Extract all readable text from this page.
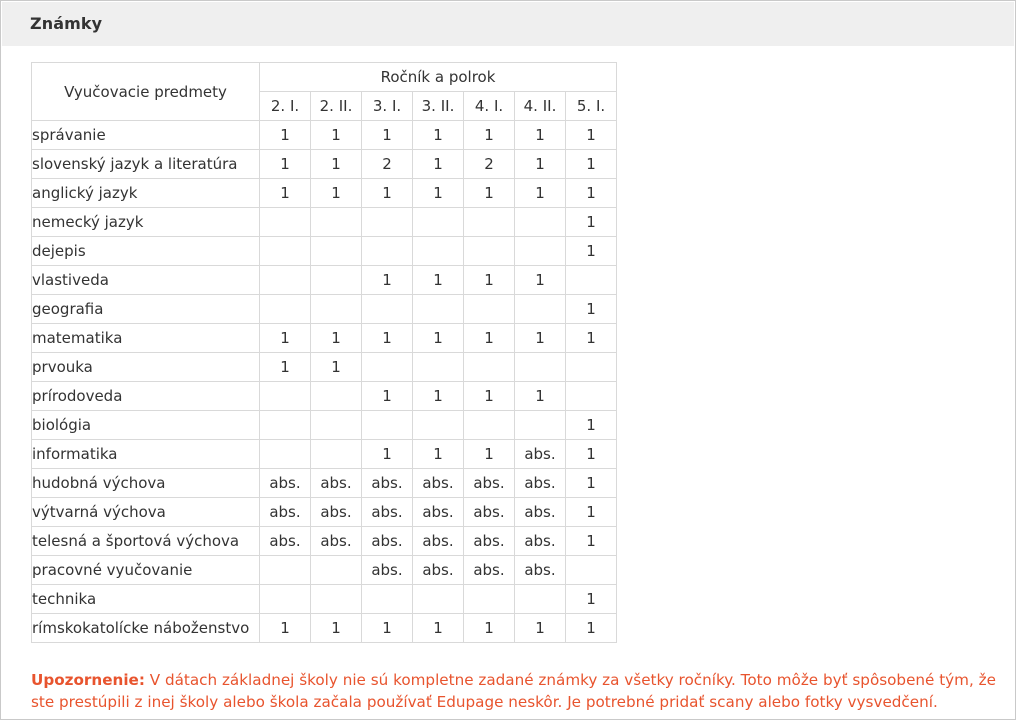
Známky
Vyučovacie predmety	Ročník a polrok						
	2. I.	2. II.	3. I.	3. II.	4. I.	4. II.	5. I.
správanie	1	1	1	1	1	1	1
slovenský jazyk a literatúra	1	1	2	1	2	1	1
anglický jazyk	1	1	1	1	1	1	1
nemecký jazyk							1
dejepis							1
vlastiveda			1	1	1	1	
geografia							1
matematika	1	1	1	1	1	1	1
prvouka	1	1					
prírodoveda			1	1	1	1	
biológia							1
informatika			1	1	1	abs.	1
hudobná výchova	abs.	abs.	abs.	abs.	abs.	abs.	1
výtvarná výchova	abs.	abs.	abs.	abs.	abs.	abs.	1
telesná a športová výchova	abs.	abs.	abs.	abs.	abs.	abs.	1
pracovné vyučovanie			abs.	abs.	abs.	abs.	
technika							1
rímskokatolícke náboženstvo	1	1	1	1	1	1	1
Upozornenie: V dátach základnej školy nie sú kompletne zadané známky za všetky ročníky. Toto môže byť spôsobené tým, že ste prestúpili z inej školy alebo škola začala používať Edupage neskôr. Je potrebné pridať scany alebo fotky vysvedčení.
